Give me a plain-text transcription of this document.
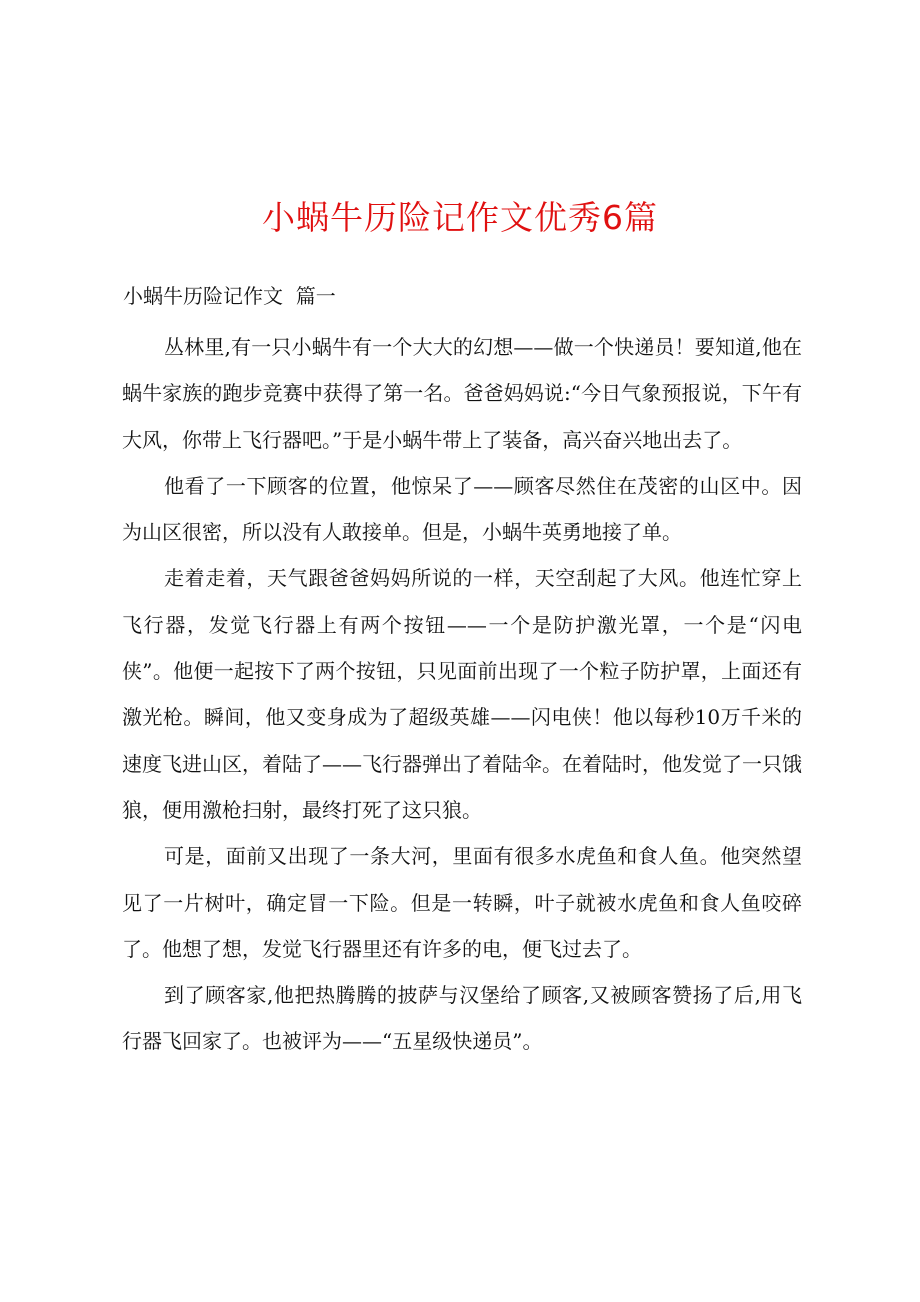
小蜗牛历险记作文优秀6篇
小蜗牛历险记作文  篇一

丛林里,有一只小蜗牛有一个大大的幻想——做一个快递员！要知道,他在蜗牛家族的跑步竞赛中获得了第一名。爸爸妈妈说:“今日气象预报说，下午有大风，你带上飞行器吧。”于是小蜗牛带上了装备，高兴奋兴地出去了。

他看了一下顾客的位置，他惊呆了——顾客尽然住在茂密的山区中。因为山区很密，所以没有人敢接单。但是，小蜗牛英勇地接了单。

走着走着，天气跟爸爸妈妈所说的一样，天空刮起了大风。他连忙穿上飞行器，发觉飞行器上有两个按钮——一个是防护激光罩，一个是“闪电侠”。他便一起按下了两个按钮，只见面前出现了一个粒子防护罩，上面还有激光枪。瞬间，他又变身成为了超级英雄——闪电侠！他以每秒10万千米的速度飞进山区，着陆了——飞行器弹出了着陆伞。在着陆时，他发觉了一只饿狼，便用激枪扫射，最终打死了这只狼。

可是，面前又出现了一条大河，里面有很多水虎鱼和食人鱼。他突然望见了一片树叶，确定冒一下险。但是一转瞬，叶子就被水虎鱼和食人鱼咬碎了。他想了想，发觉飞行器里还有许多的电，便飞过去了。

到了顾客家,他把热腾腾的披萨与汉堡给了顾客,又被顾客赞扬了后,用飞行器飞回家了。也被评为——“五星级快递员”。
